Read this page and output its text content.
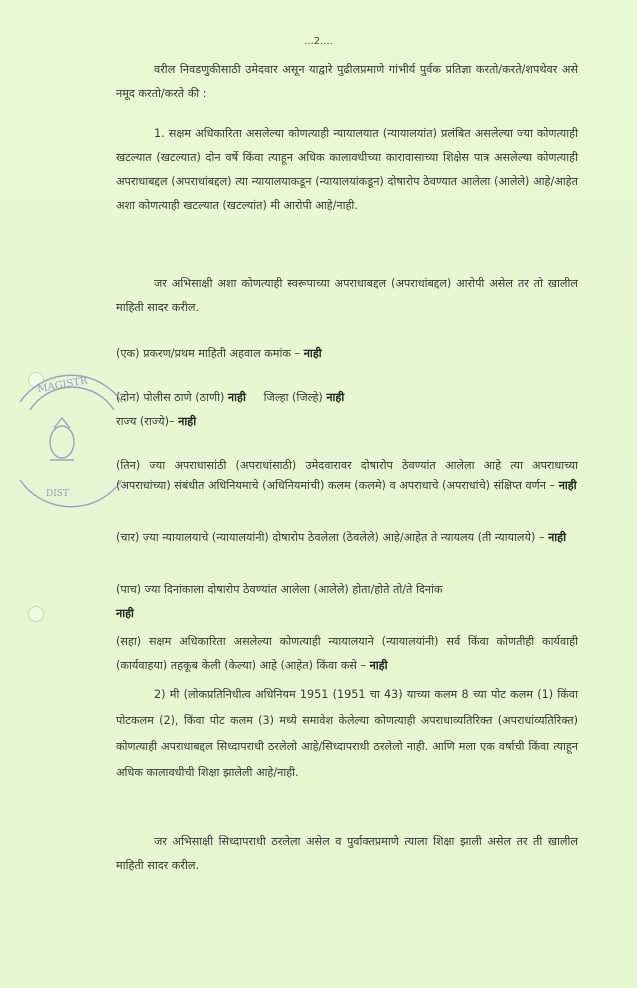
...2....
वरील निवडणुकीसाठी उमेदवार असून याद्वारे पुढीलप्रमाणे गांभीर्य पुर्वक प्रतिज्ञा करतो/करते/शपथेवर असे नमूद करतो/करते की :
1. सक्षम अधिकारिता असलेल्या कोणत्याही न्यायालयात (न्यायालयांत) प्रलंबित असलेल्या ज्या कोणत्याही खटल्यात (खटल्यात) दोन वर्षे किंवा त्याहून अधिक कालावधीच्या कारावासाच्या शिक्षेस पात्र असलेल्या कोणत्याही अपराधाबद्दल (अपराधांबद्दल) त्या न्यायालयाकडून (न्यायालयांकडून) दोषारोप ठेवण्यात आलेला (आलेले) आहे/आहेत अशा कोणत्याही खटल्यात (खटल्यांत) मी आरोपी आहे/नाही.
जर अभिसाक्षी अशा कोणत्याही स्वरूपाच्या अपराधाबद्दल (अपराधांबद्दल) आरोपी असेल तर तो खालील माहिती सादर करील.
(एक) प्रकरण/प्रथम माहिती अहवाल कमांक – नाही
(दोन) पोलीस ठाणे (ठाणी) नाही जिल्हा (जिल्हे) नाही
राज्य (राज्ये)– नाही
(तिन) ज्या अपराधासांठी (अपराधांसाठी) उमेदवारावर दोषारोप ठेवण्यांत आलेला आहे त्या अपराधाच्या (अपराधांच्या) संबंधीत अधिनियमाचे (अधिनियमांची) कलम (कलमे) व अपराधाचे (अपराधांचे) संक्षिप्त वर्णन – नाही
(चार) ज्या न्यायालयाचे (न्यायालयांनी) दोषारोप ठेवलेला (ठेवलेले) आहे/आहेत ते न्यायलय (ती न्यायालये) – नाही
(पाच) ज्या दिनांकाला दोषारोप ठेवण्यांत आलेला (आलेले) होता/होते तो/ते दिनांक
नाही
(सहा) सक्षम अधिकारिता असलेल्या कोणत्याही न्यायालयाने (न्यायालयांनी) सर्व किंवा कोणतीही कार्यवाही (कार्यवाहया) तहकूब केली (केल्या) आहे (आहेत) किंवा कसे – नाही
2) मी (लोकप्रतिनिधीत्व अधिनियम 1951 (1951 चा 43) याच्या कलम 8 च्या पोट कलम (1) किंवा पोटकलम (2), किंवा पोट कलम (3) मध्ये समावेश केलेल्या कोणत्याही अपराधाव्यतिरिक्त (अपराधांव्यतिरिक्त) कोणत्याही अपराधाबद्दल सिध्दापराधी ठरलेलो आहे/सिध्दापराधी ठरलेलो नाही. आणि मला एक वर्षाची किंवा त्याहून अधिक कालावधीची शिक्षा झालेली आहे/नाही.
जर अभिसाक्षी सिध्दापराधी ठरलेला असेल व पुर्वाक्तप्रमाणे त्याला शिक्षा झाली असेल तर ती खालील माहिती सादर करील.
MAGISTR
DIST
